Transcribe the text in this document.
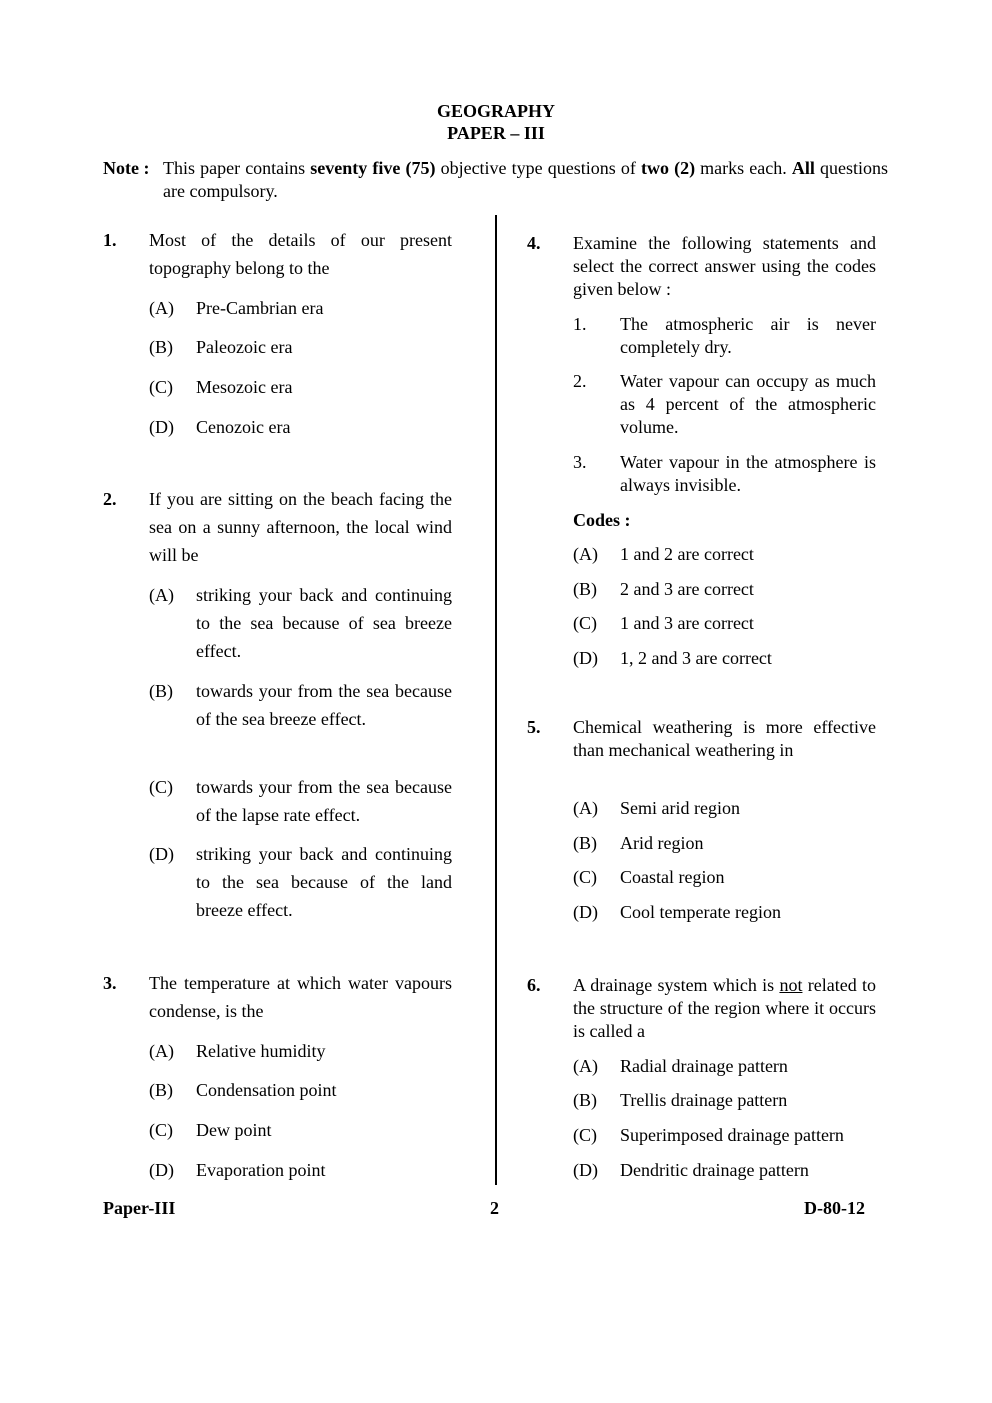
GEOGRAPHY
PAPER – III
Note : This paper contains seventy five (75) objective type questions of two (2) marks each. All questions are compulsory.
1. Most of the details of our present topography belong to the
(A)	Pre-Cambrian era
(B)	Paleozoic era
(C)	Mesozoic era
(D)	Cenozoic era
2. If you are sitting on the beach facing the sea on a sunny afternoon, the local wind will be
(A)	striking your back and continuing to the sea because of sea breeze effect.
(B)	towards your from the sea because of the sea breeze effect.
(C)	towards your from the sea because of the lapse rate effect.
(D)	striking your back and continuing to the sea because of the land breeze effect.
3. The temperature at which water vapours condense, is the
(A)	Relative humidity
(B)	Condensation point
(C)	Dew point
(D)	Evaporation point
4. Examine the following statements and select the correct answer using the codes given below :
1.	The atmospheric air is never completely dry.
2.	Water vapour can occupy as much as 4 percent of the atmospheric volume.
3.	Water vapour in the atmosphere is always invisible.
Codes :
(A)	1 and 2 are correct
(B)	2 and 3 are correct
(C)	1 and 3 are correct
(D)	1, 2 and 3 are correct
5. Chemical weathering is more effective than mechanical weathering in
(A)	Semi arid region
(B)	Arid region
(C)	Coastal region
(D)	Cool temperate region
6. A drainage system which is not related to the structure of the region where it occurs is called a
(A)	Radial drainage pattern
(B)	Trellis drainage pattern
(C)	Superimposed drainage pattern
(D)	Dendritic drainage pattern
Paper-III	2	D-80-12
